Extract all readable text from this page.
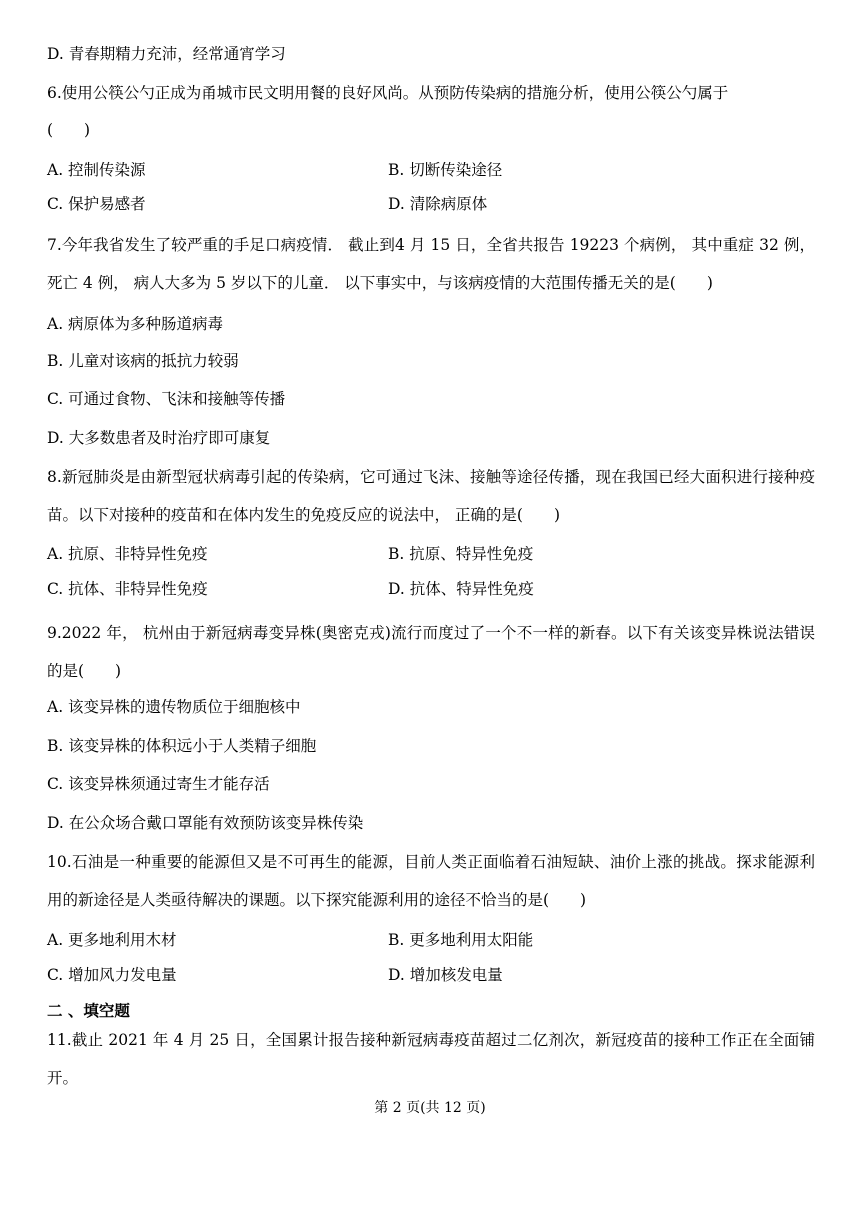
D. 青春期精力充沛，经常通宵学习
6.使用公筷公勺正成为甬城市民文明用餐的良好风尚。从预防传染病的措施分析，使用公筷公勺属于
(　　)
A. 控制传染源	B. 切断传染途径
C. 保护易感者	D. 清除病原体
7.今年我省发生了较严重的手足口病疫情． 截止到4 月 15 日，全省共报告 19223 个病例， 其中重症 32 例， 死亡 4 例， 病人大多为 5 岁以下的儿童． 以下事实中，与该病疫情的大范围传播无关的是(　　)
A. 病原体为多种肠道病毒
B. 儿童对该病的抵抗力较弱
C. 可通过食物、飞沫和接触等传播
D. 大多数患者及时治疗即可康复
8.新冠肺炎是由新型冠状病毒引起的传染病，它可通过飞沫、接触等途径传播，现在我国已经大面积进行接种疫苗。以下对接种的疫苗和在体内发生的免疫反应的说法中， 正确的是(　　)
A. 抗原、非特异性免疫	B. 抗原、特异性免疫
C. 抗体、非特异性免疫	D. 抗体、特异性免疫
9.2022 年， 杭州由于新冠病毒变异株(奥密克戎)流行而度过了一个不一样的新春。以下有关该变异株说法错误的是(　　)
A. 该变异株的遗传物质位于细胞核中
B. 该变异株的体积远小于人类精子细胞
C. 该变异株须通过寄生才能存活
D. 在公众场合戴口罩能有效预防该变异株传染
10.石油是一种重要的能源但又是不可再生的能源，目前人类正面临着石油短缺、油价上涨的挑战。探求能源利用的新途径是人类亟待解决的课题。以下探究能源利用的途径不恰当的是(　　)
A. 更多地利用木材	B. 更多地利用太阳能
C. 增加风力发电量	D. 增加核发电量
二 、填空题
11.截止 2021 年 4 月 25 日，全国累计报告接种新冠病毒疫苗超过二亿剂次，新冠疫苗的接种工作正在全面铺开。
第 2 页(共 12 页)
